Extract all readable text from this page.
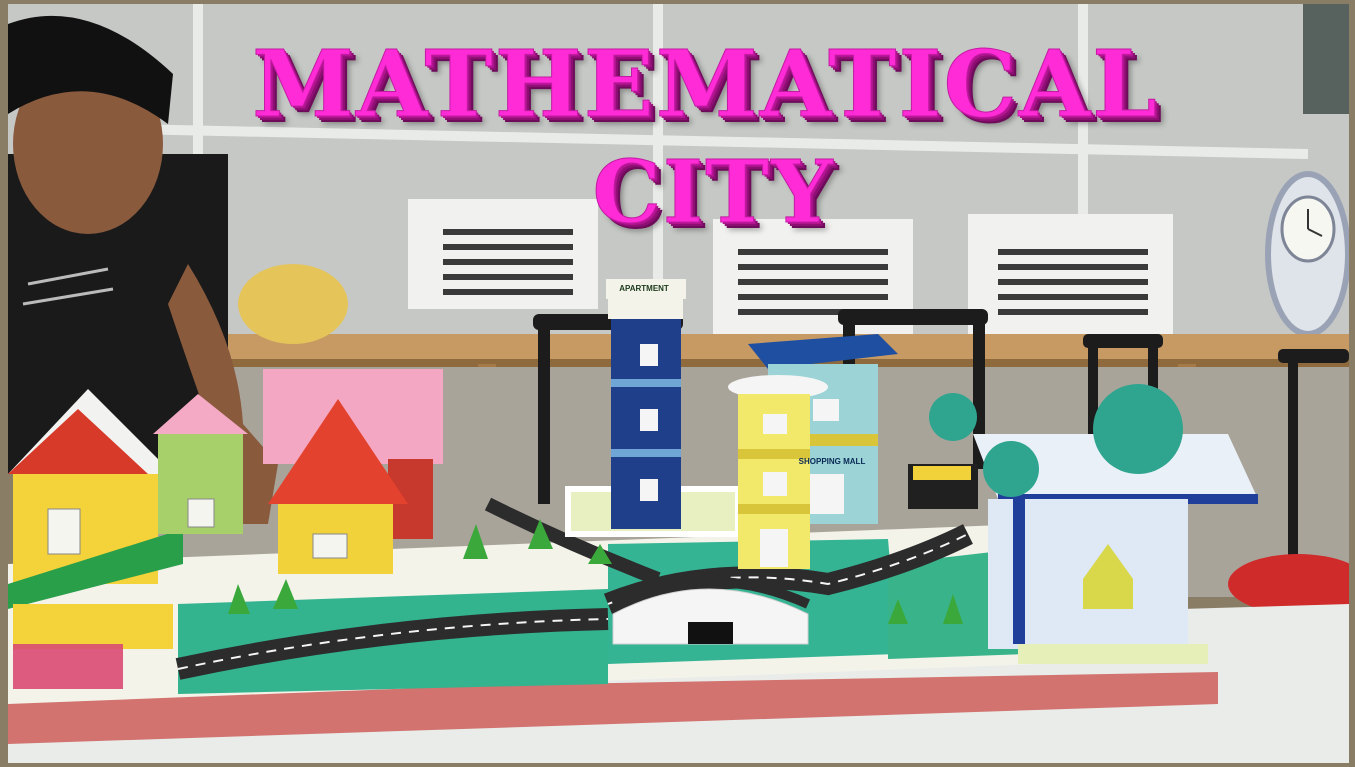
MATHEMATICAL
CITY
APARTMENT
SHOPPING MALL
